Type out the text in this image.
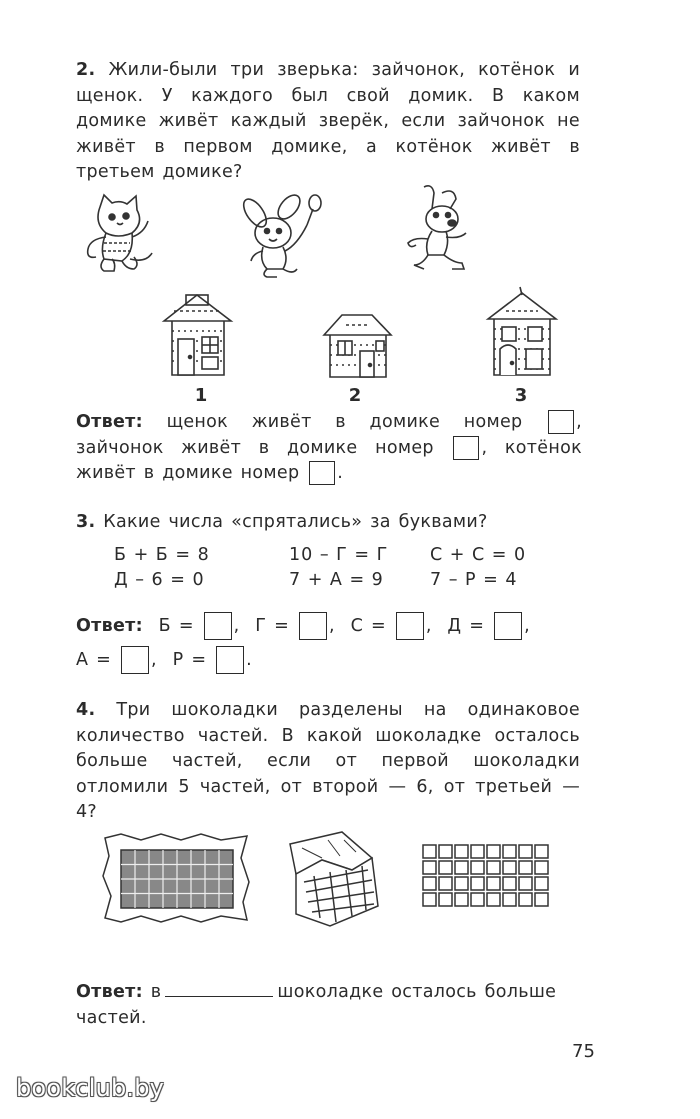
2. Жили-были три зверька: зайчонок, котёнок и щенок. У каждого был свой домик. В каком домике живёт каждый зверёк, если зайчонок не живёт в первом домике, а котёнок живёт в третьем домике?
1	2	3
Ответ: щенок живёт в домике номер	, зайчонок живёт в домике номер	, котёнок живёт в домике номер .
3. Какие числа «спрятались» за буквами?
Б + Б = 8	10 – Г = Г С + С = 0
Д – 6 = 0	7 + А = 9	7 – Р = 4
Ответ: Б = ,  Г = ,  С = ,  Д = ,
А = ,  Р = .
4. Три шоколадки разделены на одинаковое количество частей. В какой шоколадке осталось больше частей, если от первой шоколадки отломили 5 частей, от второй — 6, от третьей — 4?
Ответ: в	шоколадке осталось больше частей.
75
bookclub.by
